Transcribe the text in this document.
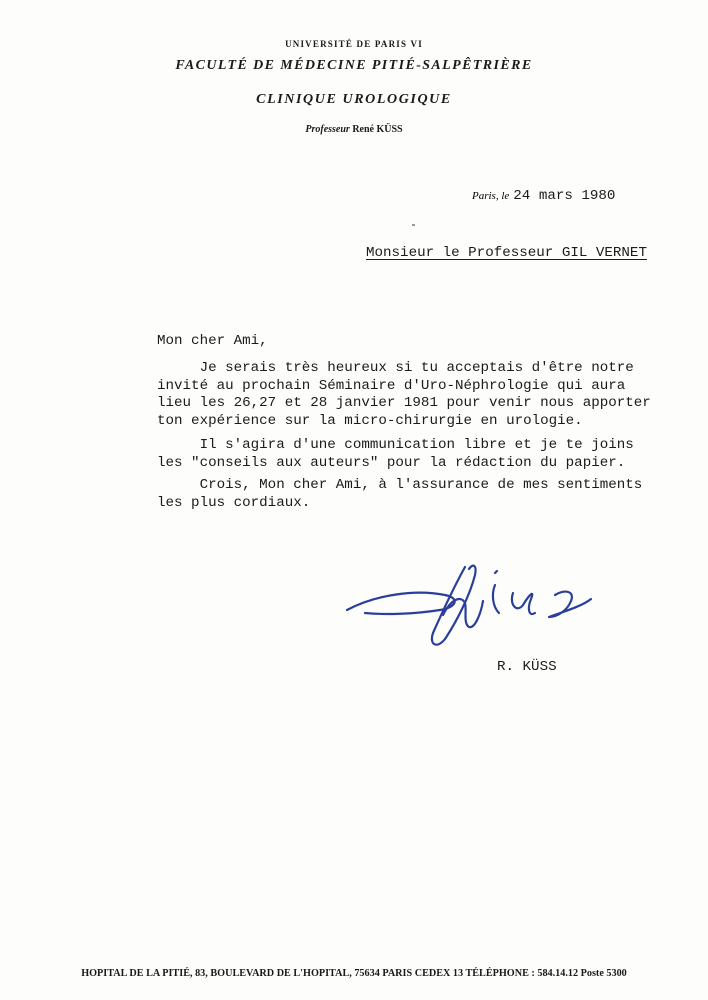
UNIVERSITÉ DE PARIS VI
FACULTÉ DE MÉDECINE PITIÉ-SALPÊTRIÈRE
CLINIQUE UROLOGIQUE
Professeur René KÜSS
Paris, le 24 mars 1980
Monsieur le Professeur GIL VERNET
Mon cher Ami,
Je serais très heureux si tu acceptais d'être notre
invité au prochain Séminaire d'Uro-Néphrologie qui aura
lieu les 26,27 et 28 janvier 1981 pour venir nous apporter
ton expérience sur la micro-chirurgie en urologie.
Il s'agira d'une communication libre et je te joins
les "conseils aux auteurs" pour la rédaction du papier.
Crois, Mon cher Ami, à l'assurance de mes sentiments
les plus cordiaux.
R. KÜSS
HOPITAL DE LA PITIÉ, 83, BOULEVARD DE L'HOPITAL, 75634 PARIS CEDEX 13 TÉLÉPHONE : 584.14.12 Poste 5300
